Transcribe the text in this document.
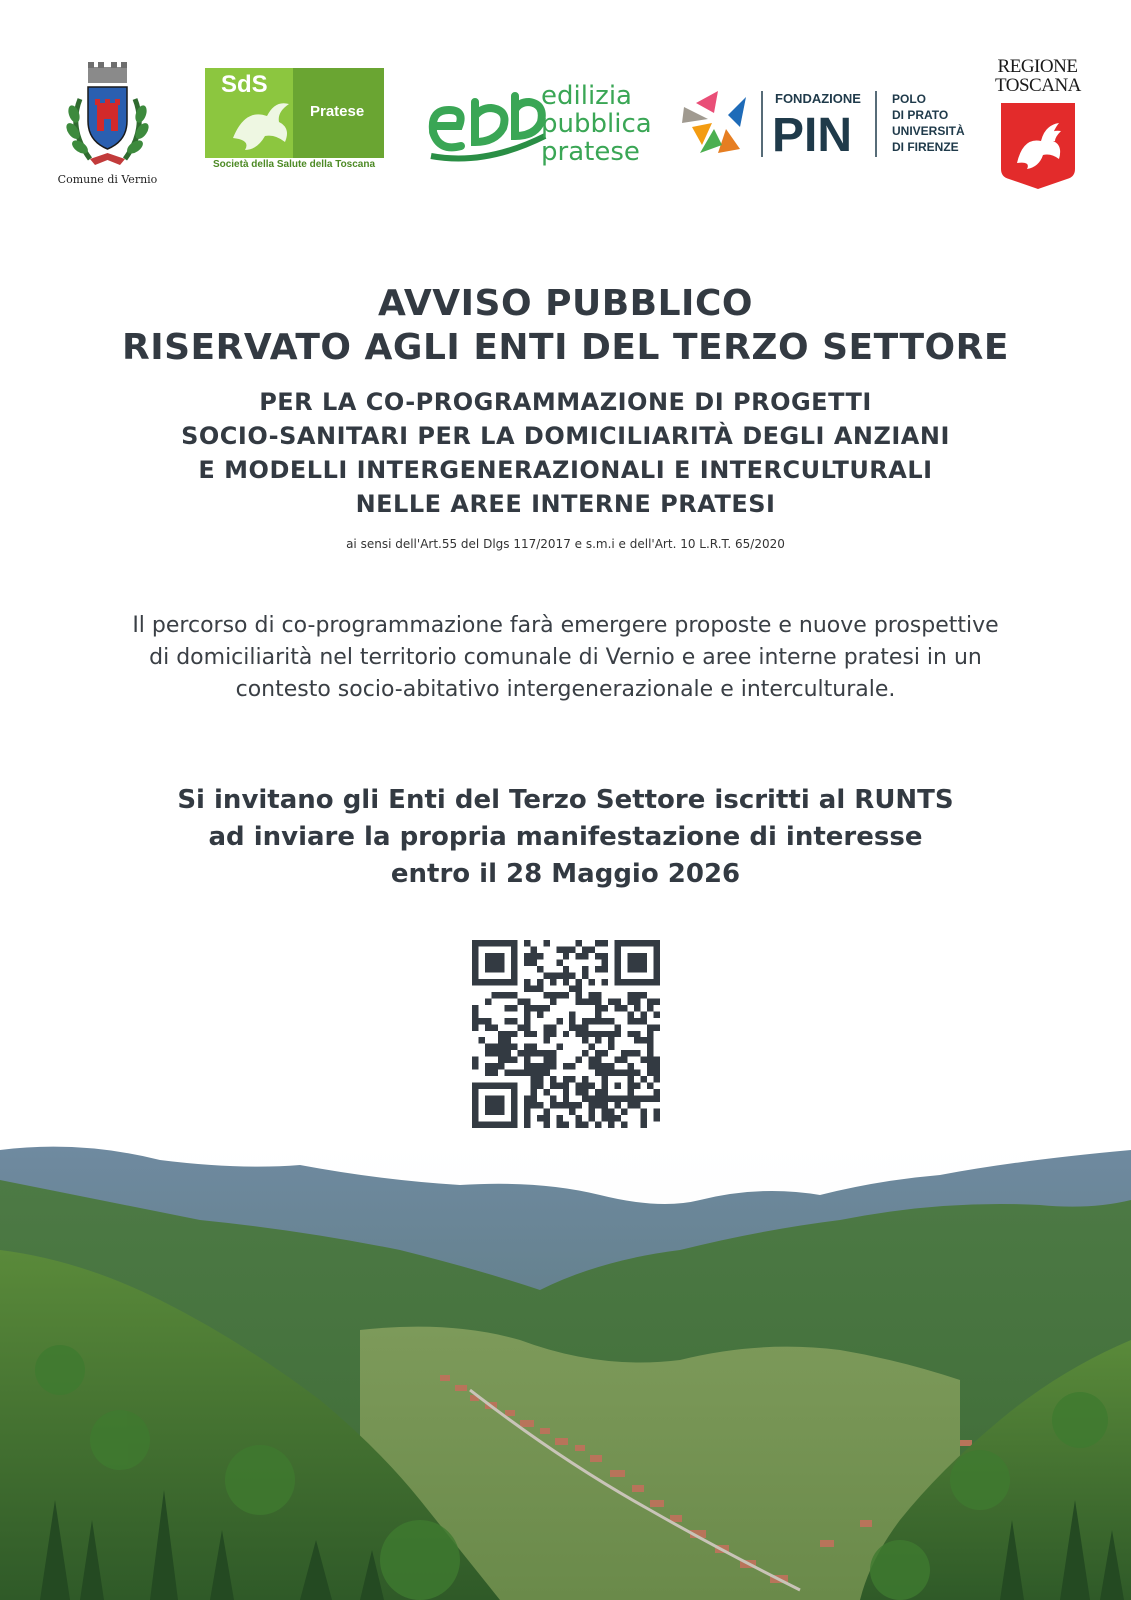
Comune di Vernio
SdS
Pratese
Società della Salute della Toscana
edilizia
pubblica
pratese
FONDAZIONE
PIN
POLO
DI PRATO
UNIVERSITÀ
DI FIRENZE
REGIONE
TOSCANA
AVVISO PUBBLICO
RISERVATO AGLI ENTI DEL TERZO SETTORE
PER LA CO-PROGRAMMAZIONE DI PROGETTI
SOCIO-SANITARI PER LA DOMICILIARITÀ DEGLI ANZIANI
E MODELLI INTERGENERAZIONALI E INTERCULTURALI
NELLE AREE INTERNE PRATESI
ai sensi dell'Art.55 del Dlgs 117/2017 e s.m.i e dell'Art. 10 L.R.T. 65/2020
Il percorso di co-programmazione farà emergere proposte e nuove prospettive
di domiciliarità nel territorio comunale di Vernio e aree interne pratesi in un
contesto socio-abitativo intergenerazionale e interculturale.
Si invitano gli Enti del Terzo Settore iscritti al RUNTS
ad inviare la propria manifestazione di interesse
entro il 28 Maggio 2026
